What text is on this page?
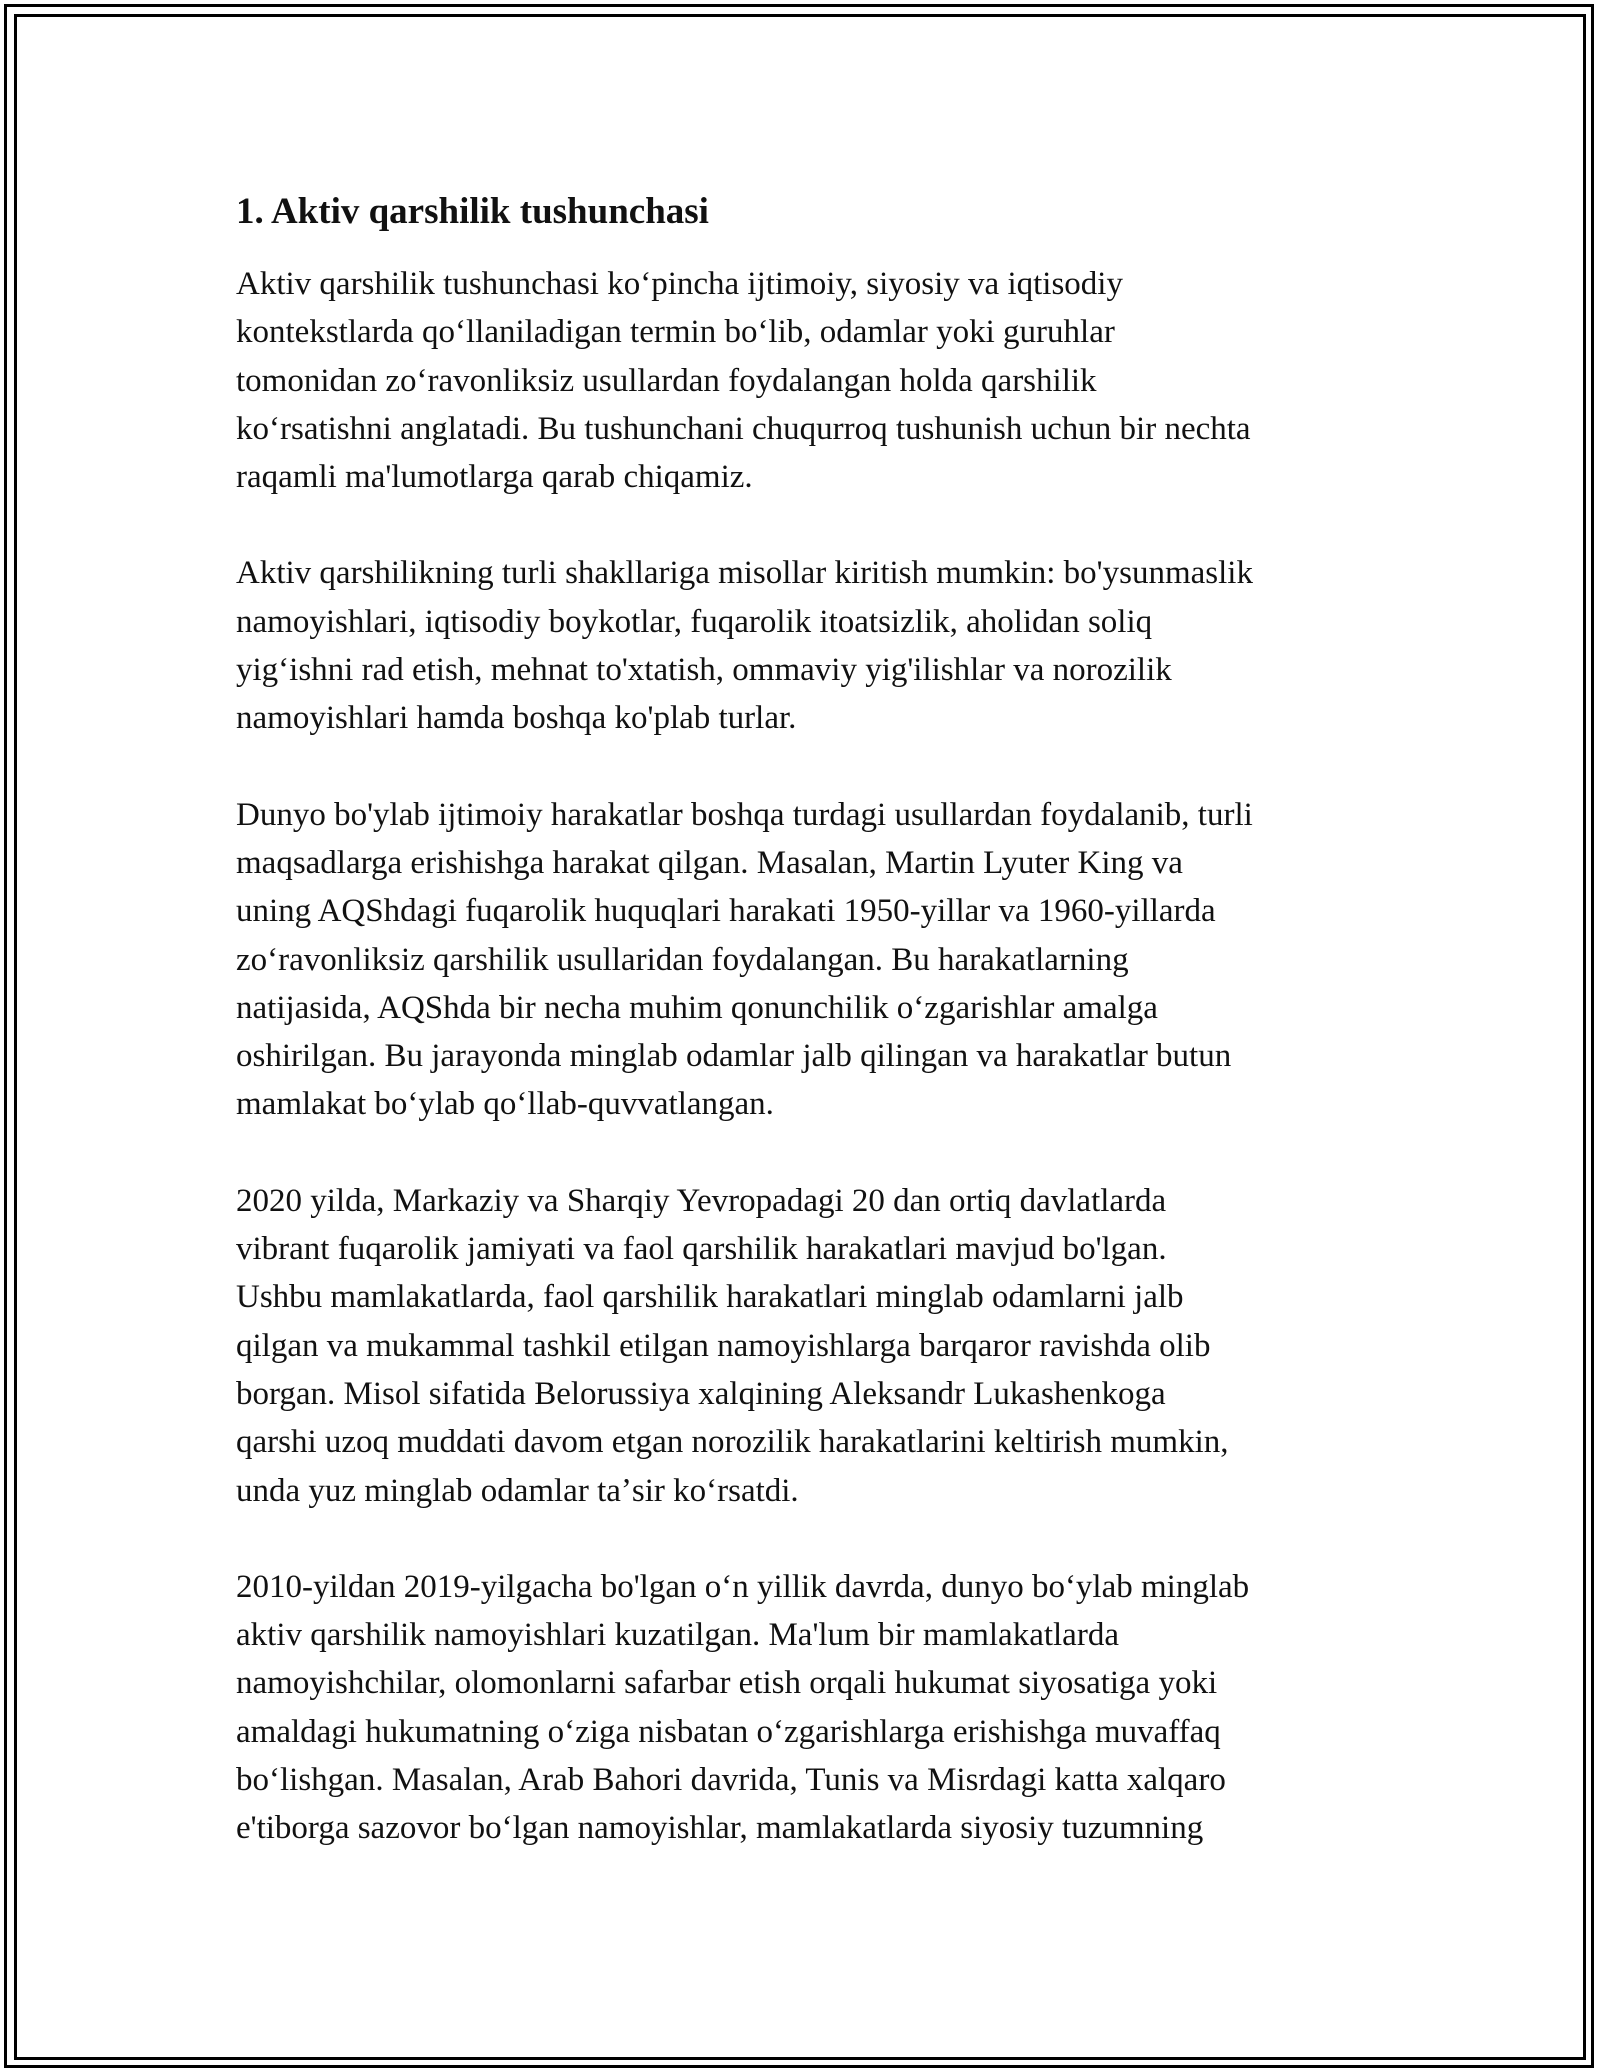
1. Aktiv qarshilik tushunchasi

Aktiv qarshilik tushunchasi koʻpincha ijtimoiy, siyosiy va iqtisodiy
kontekstlarda qoʻllaniladigan termin boʻlib, odamlar yoki guruhlar
tomonidan zoʻravonliksiz usullardan foydalangan holda qarshilik
koʻrsatishni anglatadi. Bu tushunchani chuqurroq tushunish uchun bir nechta
raqamli ma'lumotlarga qarab chiqamiz.

Aktiv qarshilikning turli shakllariga misollar kiritish mumkin: bo'ysunmaslik
namoyishlari, iqtisodiy boykotlar, fuqarolik itoatsizlik, aholidan soliq
yigʻishni rad etish, mehnat to'xtatish, ommaviy yig'ilishlar va norozilik
namoyishlari hamda boshqa ko'plab turlar.

Dunyo bo'ylab ijtimoiy harakatlar boshqa turdagi usullardan foydalanib, turli
maqsadlarga erishishga harakat qilgan. Masalan, Martin Lyuter King va
uning AQShdagi fuqarolik huquqlari harakati 1950-yillar va 1960-yillarda
zoʻravonliksiz qarshilik usullaridan foydalangan. Bu harakatlarning
natijasida, AQShda bir necha muhim qonunchilik oʻzgarishlar amalga
oshirilgan. Bu jarayonda minglab odamlar jalb qilingan va harakatlar butun
mamlakat boʻylab qoʻllab-quvvatlangan.

2020 yilda, Markaziy va Sharqiy Yevropadagi 20 dan ortiq davlatlarda
vibrant fuqarolik jamiyati va faol qarshilik harakatlari mavjud bo'lgan.
Ushbu mamlakatlarda, faol qarshilik harakatlari minglab odamlarni jalb
qilgan va mukammal tashkil etilgan namoyishlarga barqaror ravishda olib
borgan. Misol sifatida Belorussiya xalqining Aleksandr Lukashenkoga
qarshi uzoq muddati davom etgan norozilik harakatlarini keltirish mumkin,
unda yuz minglab odamlar taʼsir koʻrsatdi.

2010-yildan 2019-yilgacha bo'lgan oʻn yillik davrda, dunyo boʻylab minglab
aktiv qarshilik namoyishlari kuzatilgan. Ma'lum bir mamlakatlarda
namoyishchilar, olomonlarni safarbar etish orqali hukumat siyosatiga yoki
amaldagi hukumatning oʻziga nisbatan oʻzgarishlarga erishishga muvaffaq
boʻlishgan. Masalan, Arab Bahori davrida, Tunis va Misrdagi katta xalqaro
e'tiborga sazovor boʻlgan namoyishlar, mamlakatlarda siyosiy tuzumning
